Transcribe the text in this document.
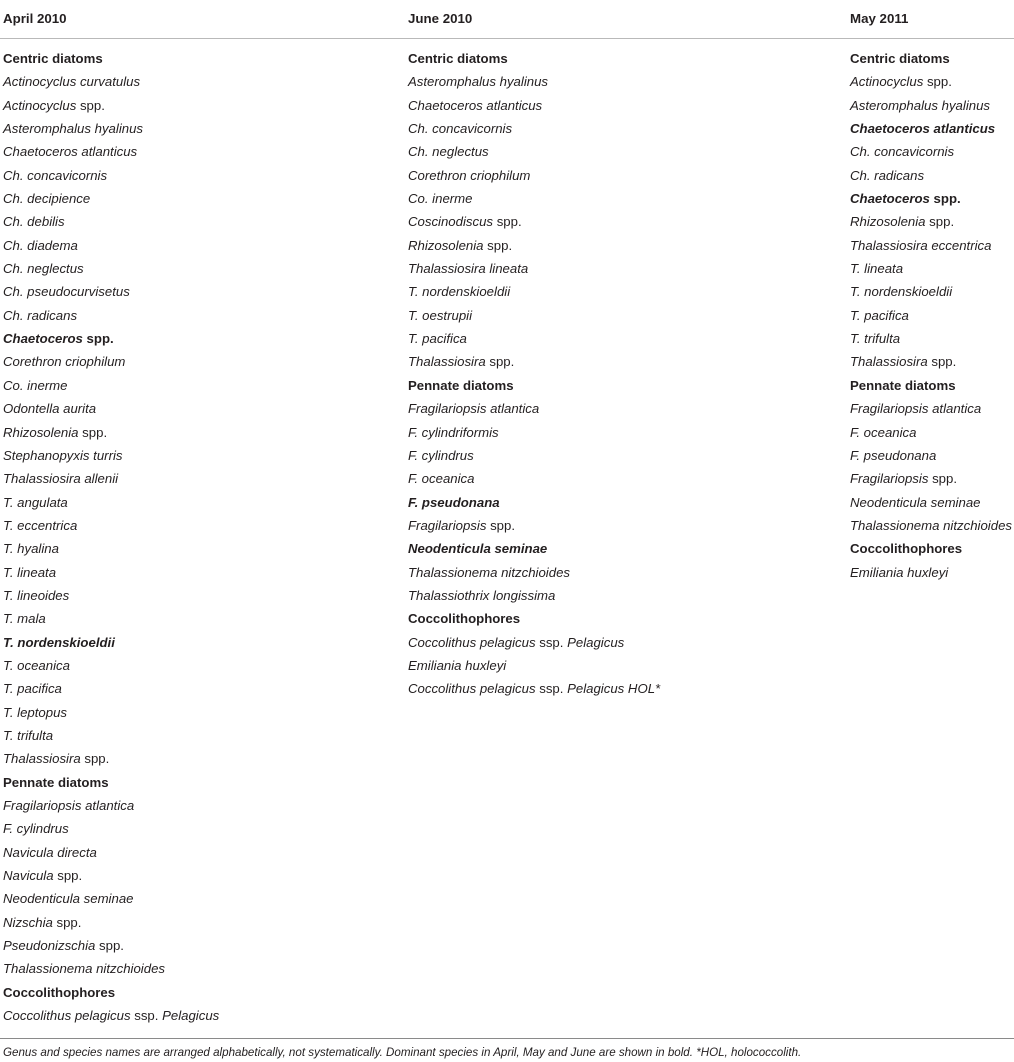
April 2010	June 2010	May 2011
Centric diatoms
Actinocyclus curvatulus
Actinocyclus spp.
Asteromphalus hyalinus
Chaetoceros atlanticus
Ch. concavicornis
Ch. decipience
Ch. debilis
Ch. diadema
Ch. neglectus
Ch. pseudocurvisetus
Ch. radicans
Chaetoceros spp.
Corethron criophilum
Co. inerme
Odontella aurita
Rhizosolenia spp.
Stephanopyxis turris
Thalassiosira allenii
T. angulata
T. eccentrica
T. hyalina
T. lineata
T. lineoides
T. mala
T. nordenskioeldii
T. oceanica
T. pacifica
T. leptopus
T. trifulta
Thalassiosira spp.
Pennate diatoms
Fragilariopsis atlantica
F. cylindrus
Navicula directa
Navicula spp.
Neodenticula seminae
Nizschia spp.
Pseudonizschia spp.
Thalassionema nitzchioides
Coccolithophores
Coccolithus pelagicus ssp. Pelagicus
Centric diatoms
Asteromphalus hyalinus
Chaetoceros atlanticus
Ch. concavicornis
Ch. neglectus
Corethron criophilum
Co. inerme
Coscinodiscus spp.
Rhizosolenia spp.
Thalassiosira lineata
T. nordenskioeldii
T. oestrupii
T. pacifica
Thalassiosira spp.
Pennate diatoms
Fragilariopsis atlantica
F. cylindriformis
F. cylindrus
F. oceanica
F. pseudonana
Fragilariopsis spp.
Neodenticula seminae
Thalassionema nitzchioides
Thalassiothrix longissima
Coccolithophores
Coccolithus pelagicus ssp. Pelagicus
Emiliania huxleyi
Coccolithus pelagicus ssp. Pelagicus HOL*
Centric diatoms
Actinocyclus spp.
Asteromphalus hyalinus
Chaetoceros atlanticus
Ch. concavicornis
Ch. radicans
Chaetoceros spp.
Rhizosolenia spp.
Thalassiosira eccentrica
T. lineata
T. nordenskioeldii
T. pacifica
T. trifulta
Thalassiosira spp.
Pennate diatoms
Fragilariopsis atlantica
F. oceanica
F. pseudonana
Fragilariopsis spp.
Neodenticula seminae
Thalassionema nitzchioides
Coccolithophores
Emiliania huxleyi
Genus and species names are arranged alphabetically, not systematically. Dominant species in April, May and June are shown in bold. *HOL, holococcolith.
